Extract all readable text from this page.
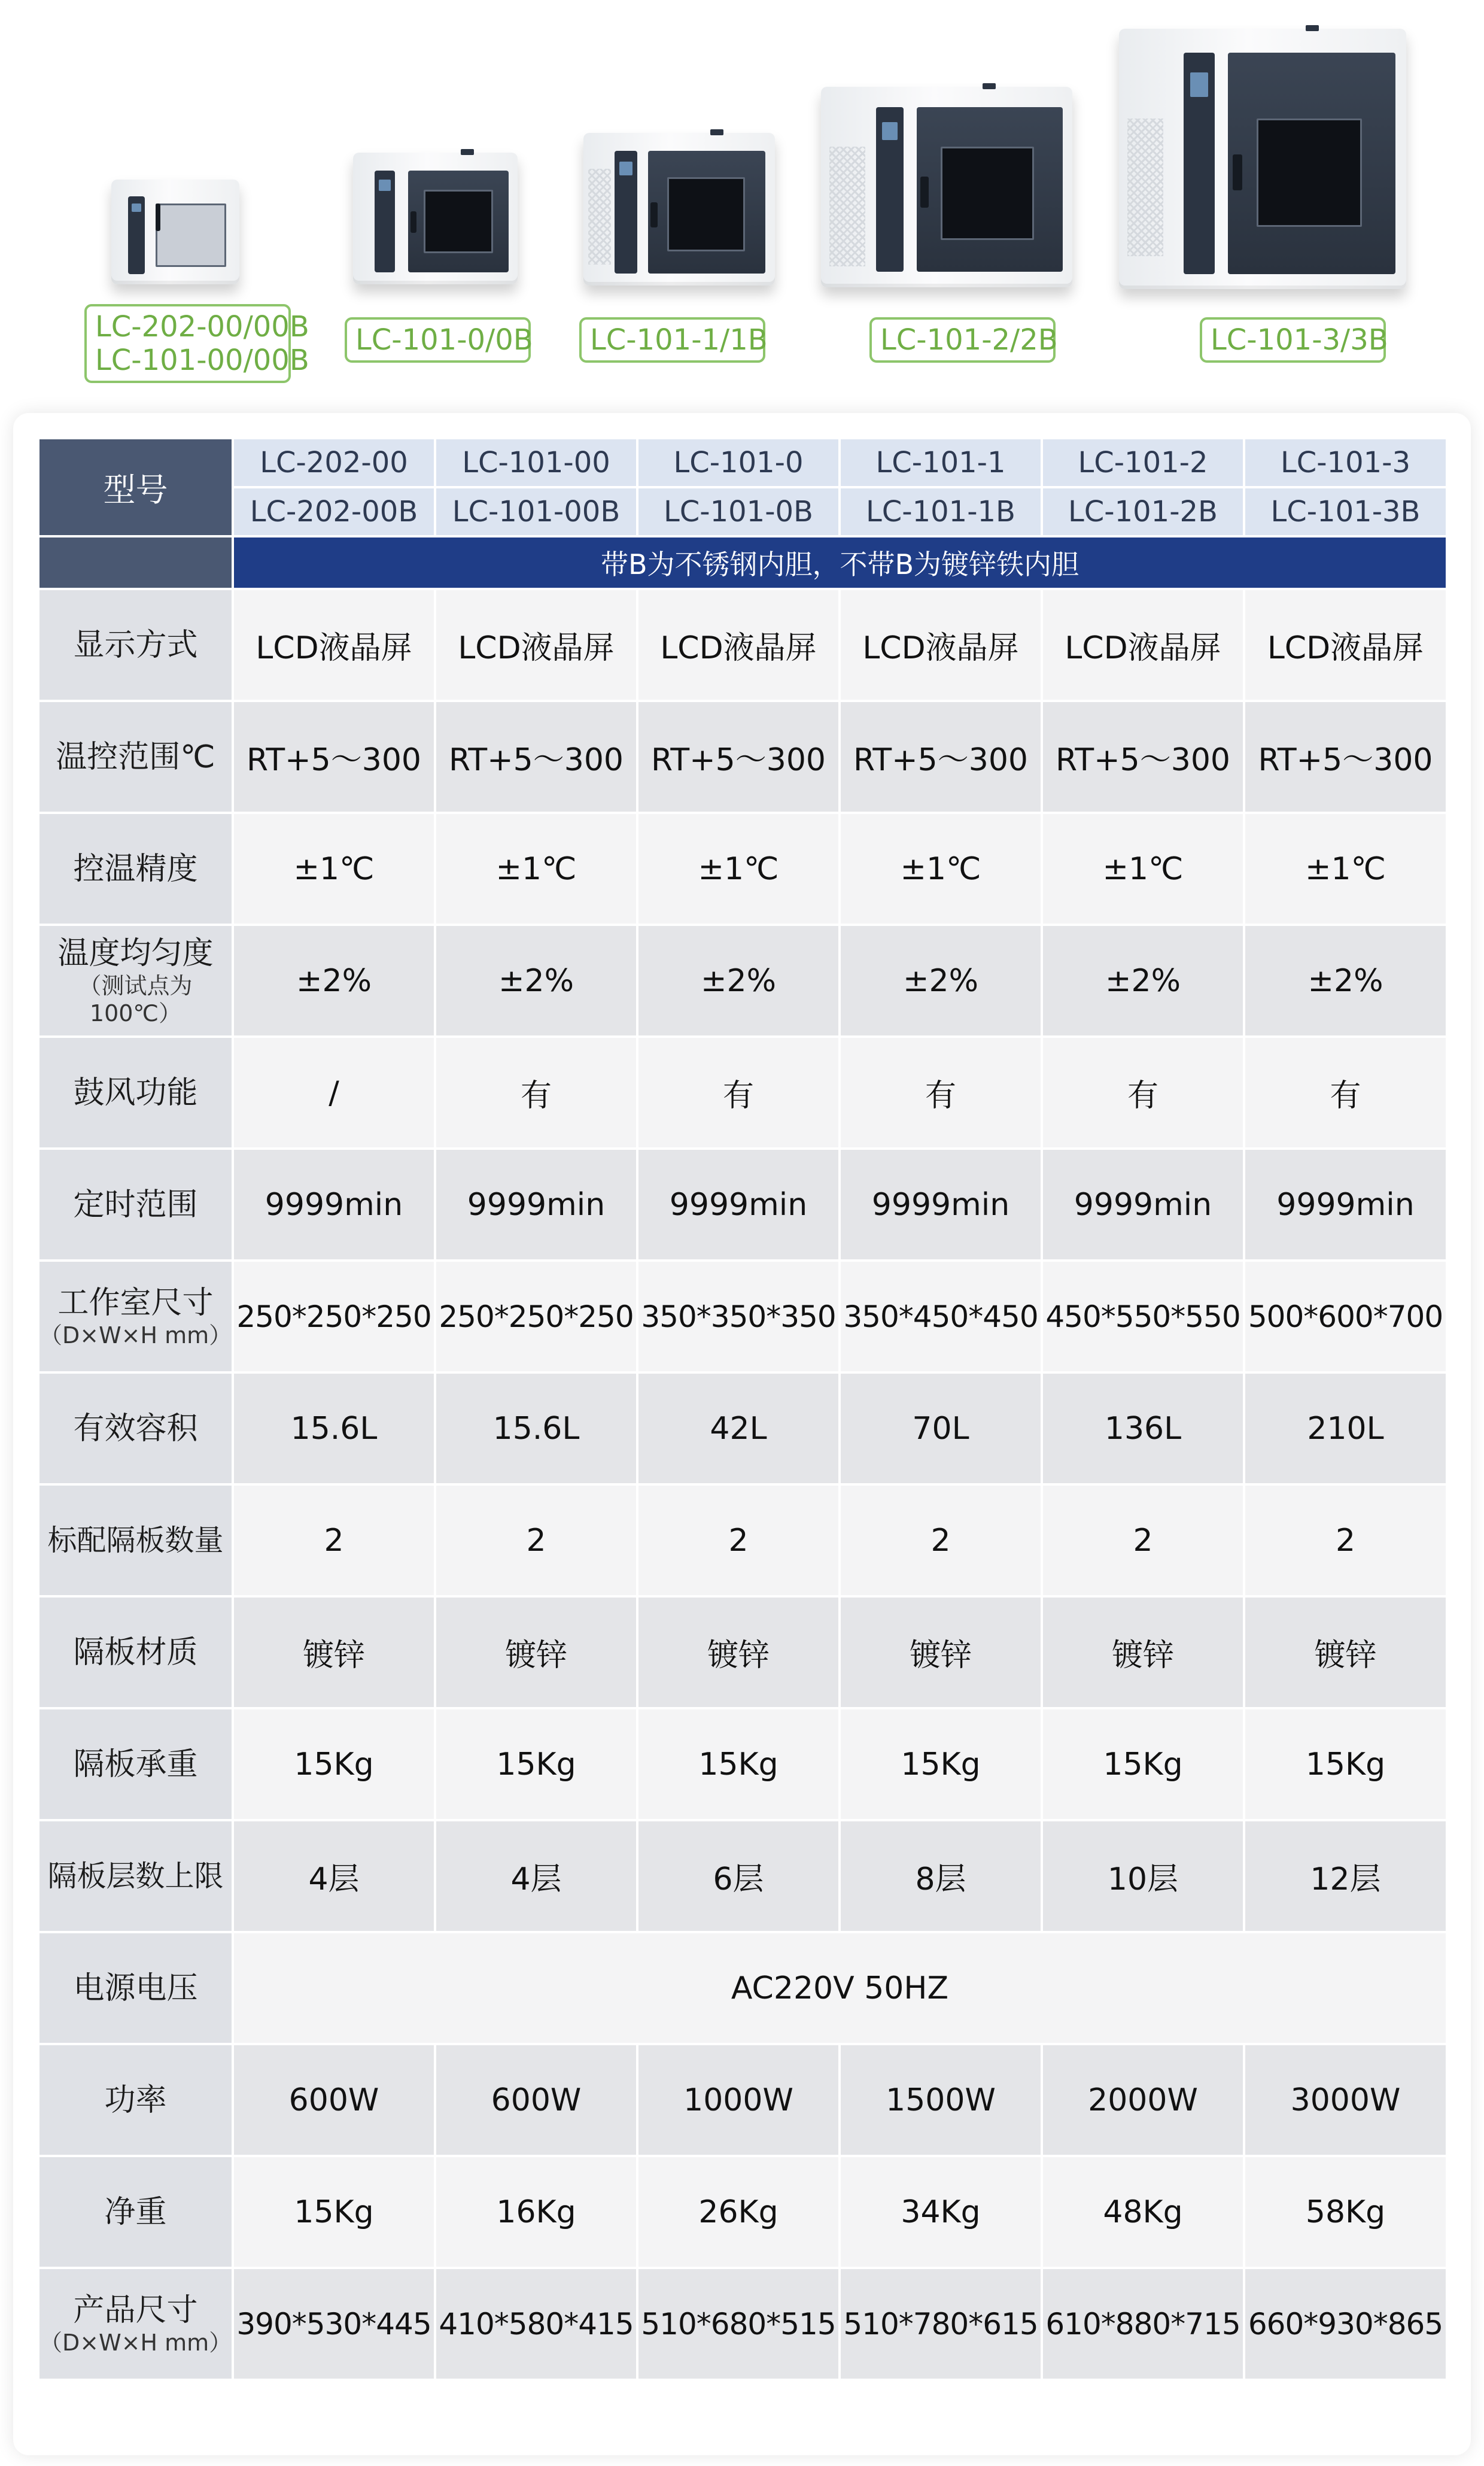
LC-202-00/00B
LC-101-00/00B
LC-101-0/0B LC-101-1/1B	LC-101-2/2B	LC-101-3/3B
型号	LC-202-00	LC-101-00	LC-101-0	LC-101-1	LC-101-2	LC-101-3
	LC-202-00B	LC-101-00B	LC-101-0B	LC-101-1B	LC-101-2B	LC-101-3B
	带B为不锈钢内胆，不带B为镀锌铁内胆					
显示方式	LCD液晶屏	LCD液晶屏	LCD液晶屏	LCD液晶屏	LCD液晶屏	LCD液晶屏
温控范围℃	RT+5～300	RT+5～300	RT+5～300	RT+5～300	RT+5～300	RT+5～300
控温精度	±1℃	±1℃	±1℃	±1℃	±1℃	±1℃
温度均匀度
（测试点为100℃）	±2%	±2%	±2%	±2%	±2%	±2%
鼓风功能	/	有	有	有	有	有
定时范围	9999min	9999min	9999min	9999min	9999min	9999min
工作室尺寸
（D×W×H mm）	250*250*250	250*250*250	350*350*350	350*450*450	450*550*550	500*600*700
有效容积	15.6L	15.6L	42L	70L	136L	210L
标配隔板数量	2	2	2	2	2	2
隔板材质	镀锌	镀锌	镀锌	镀锌	镀锌	镀锌
隔板承重	15Kg	15Kg	15Kg	15Kg	15Kg	15Kg
隔板层数上限	4层	4层	6层	8层	10层	12层
电源电压	AC220V 50HZ					
功率	600W	600W	1000W	1500W	2000W	3000W
净重	15Kg	16Kg	26Kg	34Kg	48Kg	58Kg
产品尺寸
（D×W×H mm）	390*530*445	410*580*415	510*680*515	510*780*615	610*880*715	660*930*865
